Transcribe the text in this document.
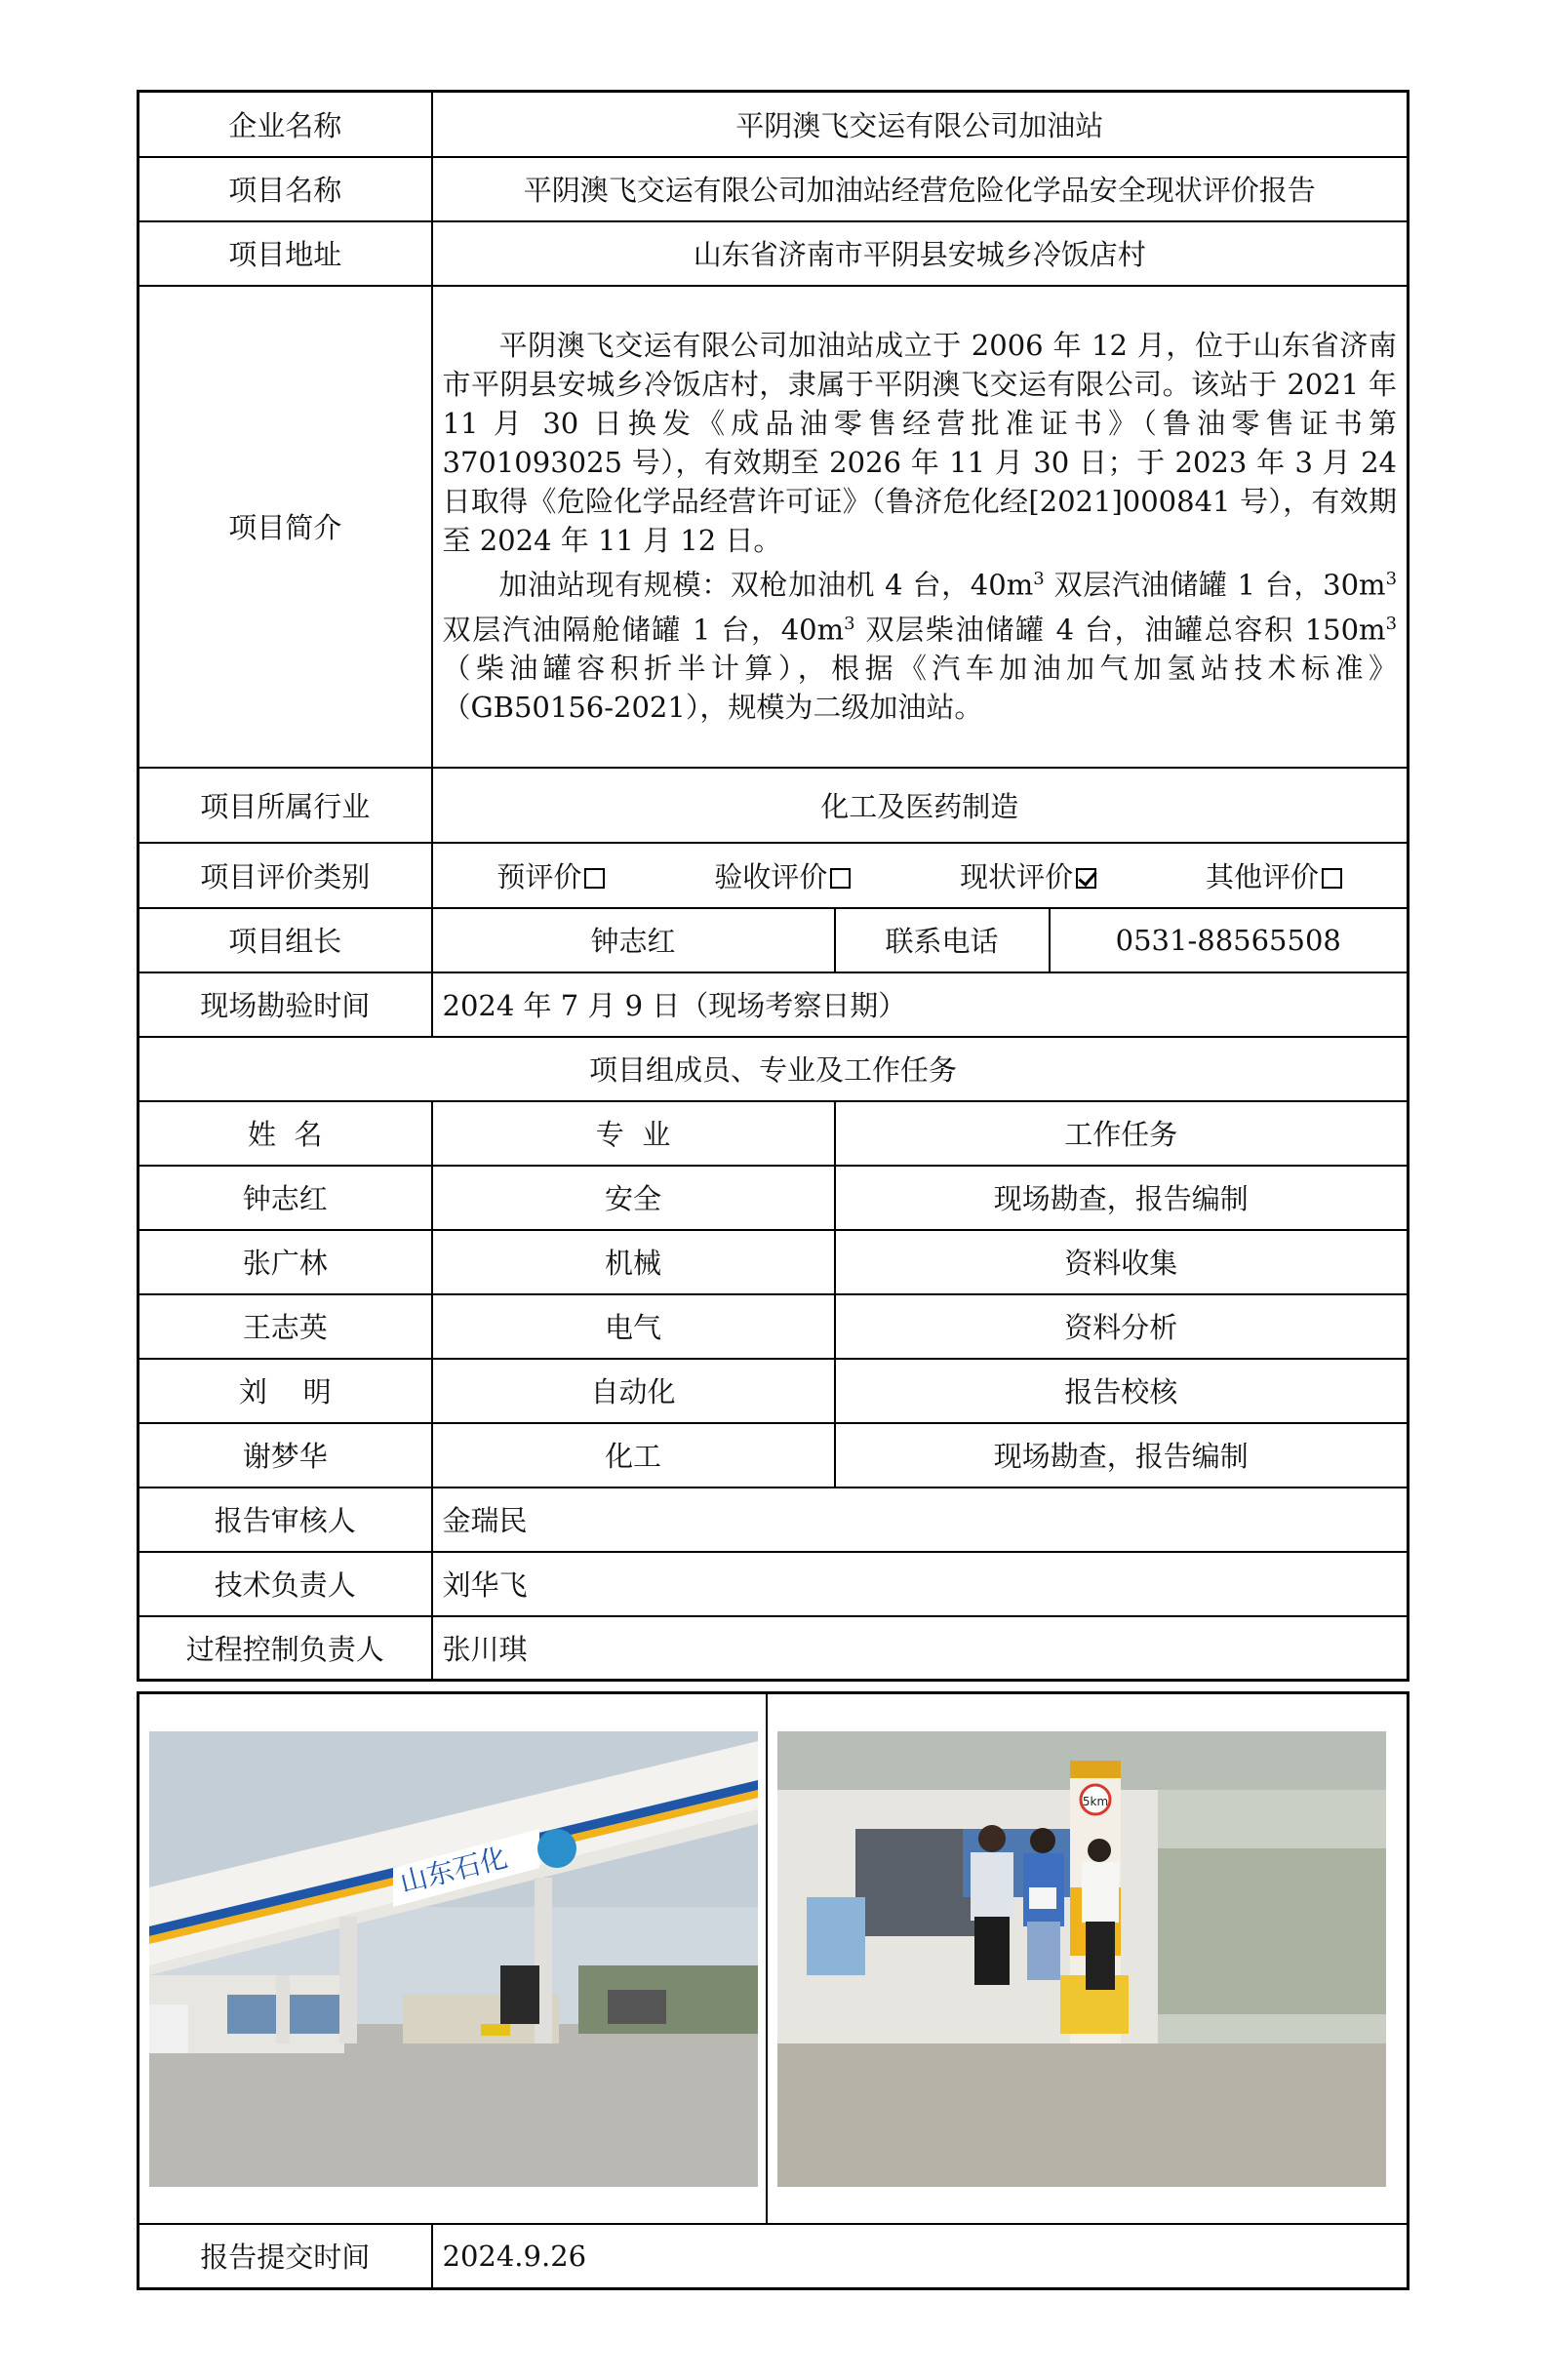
企业名称	平阴澳飞交运有限公司加油站		
项目名称	平阴澳飞交运有限公司加油站经营危险化学品安全现状评价报告		
项目地址	山东省济南市平阴县安城乡冷饭店村		
项目简介	平阴澳飞交运有限公司加油站成立于 2006 年 12 月，位于山东省济南市平阴县安城乡冷饭店村，隶属于平阴澳飞交运有限公司。该站于 2021 年 11 月 30 日换发《成品油零售经营批准证书》（鲁油零售证书第 3701093025 号），有效期至 2026 年 11 月 30 日；于 2023 年 3 月 24 日取得《危险化学品经营许可证》（鲁济危化经[2021]000841 号），有效期至 2024 年 11 月 12 日。

加油站现有规模：双枪加油机 4 台，$40m^3$ 双层汽油储罐 1 台，$30m^3$ 双层汽油隔舱储罐 1 台，$40m^3$ 双层柴油储罐 4 台，油罐总容积 $150m^3$（柴油罐容积折半计算），根据《汽车加油加气加氢站技术标准》（GB50156-2021），规模为二级加油站。		

项目所属行业	化工及医药制造		
项目评价类别	预评价 验收评价 现状评价 其他评价		

项目组长	钟志红	联系电话	0531-88565508
现场勘验时间	2024 年 7 月 9 日（现场考察日期）		
项目组成员、专业及工作任务			
姓  名	专  业	工作任务	
钟志红	安全	现场勘查，报告编制	
张广林	机械	资料收集	
王志英	电气	资料分析	
刘    明	自动化	报告校核	
谢梦华	化工	现场勘查，报告编制	
报告审核人	金瑞民		
技术负责人	刘华飞		
过程控制负责人	张川琪		
山东石化		5km

报告提交时间	2024.9.26	
